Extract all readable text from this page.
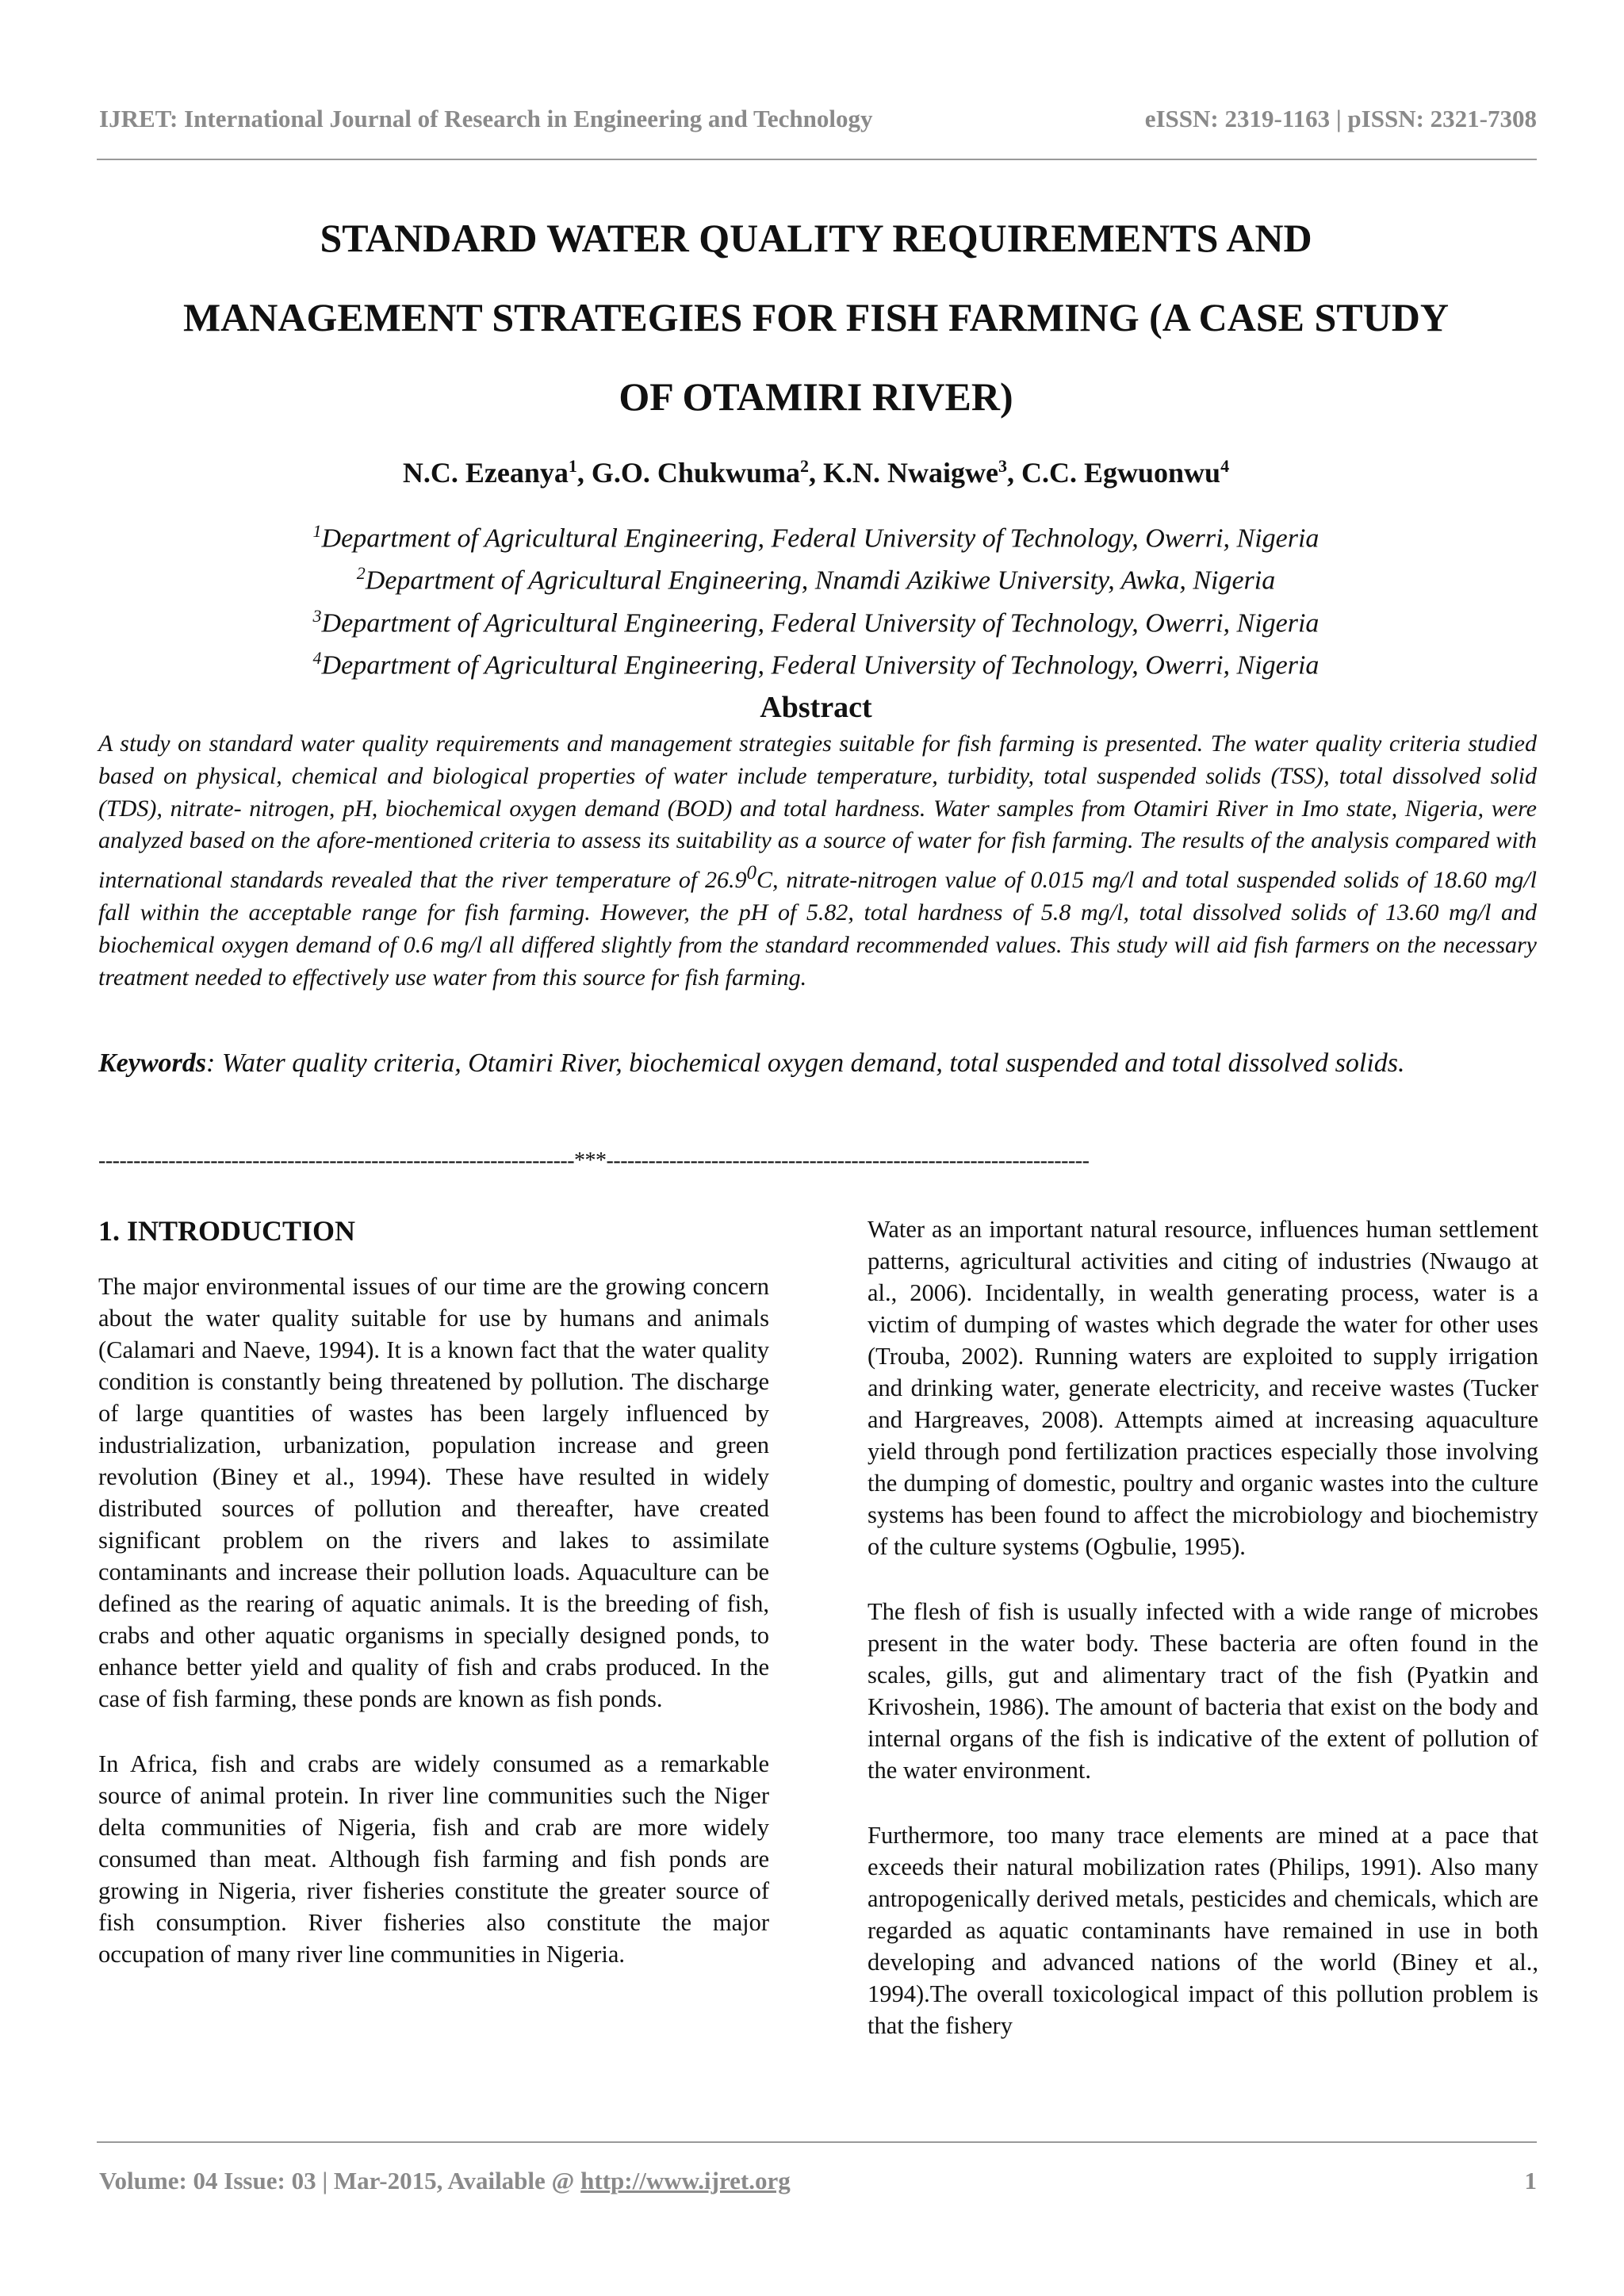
IJRET: International Journal of Research in Engineering and Technology	eISSN: 2319-1163 | pISSN: 2321-7308
STANDARD WATER QUALITY REQUIREMENTS AND
MANAGEMENT STRATEGIES FOR FISH FARMING (A CASE STUDY
OF OTAMIRI RIVER)
N.C. Ezeanya$^1$, G.O. Chukwuma$^2$, K.N. Nwaigwe$^3$, C.C. Egwuonwu$^4$
$^1$Department of Agricultural Engineering, Federal University of Technology, Owerri, Nigeria
$^2$Department of Agricultural Engineering, Nnamdi Azikiwe University, Awka, Nigeria
$^3$Department of Agricultural Engineering, Federal University of Technology, Owerri, Nigeria
$^4$Department of Agricultural Engineering, Federal University of Technology, Owerri, Nigeria
Abstract
A study on standard water quality requirements and management strategies suitable for fish farming is presented. The water quality criteria studied based on physical, chemical and biological properties of water include temperature, turbidity, total suspended solids (TSS), total dissolved solid (TDS), nitrate- nitrogen, pH, biochemical oxygen demand (BOD) and total hardness. Water samples from Otamiri River in Imo state, Nigeria, were analyzed based on the afore-mentioned criteria to assess its suitability as a source of water for fish farming. The results of the analysis compared with international standards revealed that the river temperature of 26.9$^0$C, nitrate-nitrogen value of 0.015 mg/l and total suspended solids of 18.60 mg/l fall within the acceptable range for fish farming. However, the pH of 5.82, total hardness of 5.8 mg/l, total dissolved solids of 13.60 mg/l and biochemical oxygen demand of 0.6 mg/l all differed slightly from the standard recommended values. This study will aid fish farmers on the necessary treatment needed to effectively use water from this source for fish farming.
Keywords: Water quality criteria, Otamiri River, biochemical oxygen demand, total suspended and total dissolved solids.
--------------------------------------------------------------------***---------------------------------------------------------------------
1. INTRODUCTION

The major environmental issues of our time are the growing concern about the water quality suitable for use by humans and animals (Calamari and Naeve, 1994). It is a known fact that the water quality condition is constantly being threatened by pollution. The discharge of large quantities of wastes has been largely influenced by industrialization, urbanization, population increase and green revolution (Biney et al., 1994). These have resulted in widely distributed sources of pollution and thereafter, have created significant problem on the rivers and lakes to assimilate contaminants and increase their pollution loads. Aquaculture can be defined as the rearing of aquatic animals. It is the breeding of fish, crabs and other aquatic organisms in specially designed ponds, to enhance better yield and quality of fish and crabs produced. In the case of fish farming, these ponds are known as fish ponds.

In Africa, fish and crabs are widely consumed as a remarkable source of animal protein. In river line communities such the Niger delta communities of Nigeria, fish and crab are more widely consumed than meat. Although fish farming and fish ponds are growing in Nigeria, river fisheries constitute the greater source of fish consumption. River fisheries also constitute the major occupation of many river line communities in Nigeria.

Water as an important natural resource, influences human settlement patterns, agricultural activities and citing of industries (Nwaugo at al., 2006). Incidentally, in wealth generating process, water is a victim of dumping of wastes which degrade the water for other uses (Trouba, 2002). Running waters are exploited to supply irrigation and drinking water, generate electricity, and receive wastes (Tucker and Hargreaves, 2008). Attempts aimed at increasing aquaculture yield through pond fertilization practices especially those involving the dumping of domestic, poultry and organic wastes into the culture systems has been found to affect the microbiology and biochemistry of the culture systems (Ogbulie, 1995).

The flesh of fish is usually infected with a wide range of microbes present in the water body. These bacteria are often found in the scales, gills, gut and alimentary tract of the fish (Pyatkin and Krivoshein, 1986). The amount of bacteria that exist on the body and internal organs of the fish is indicative of the extent of pollution of the water environment.

Furthermore, too many trace elements are mined at a pace that exceeds their natural mobilization rates (Philips, 1991). Also many antropogenically derived metals, pesticides and chemicals, which are regarded as aquatic contaminants have remained in use in both developing and advanced nations of the world (Biney et al., 1994).The overall toxicological impact of this pollution problem is that the fishery

Volume: 04 Issue: 03 | Mar-2015, Available @ http://www.ijret.org	1
